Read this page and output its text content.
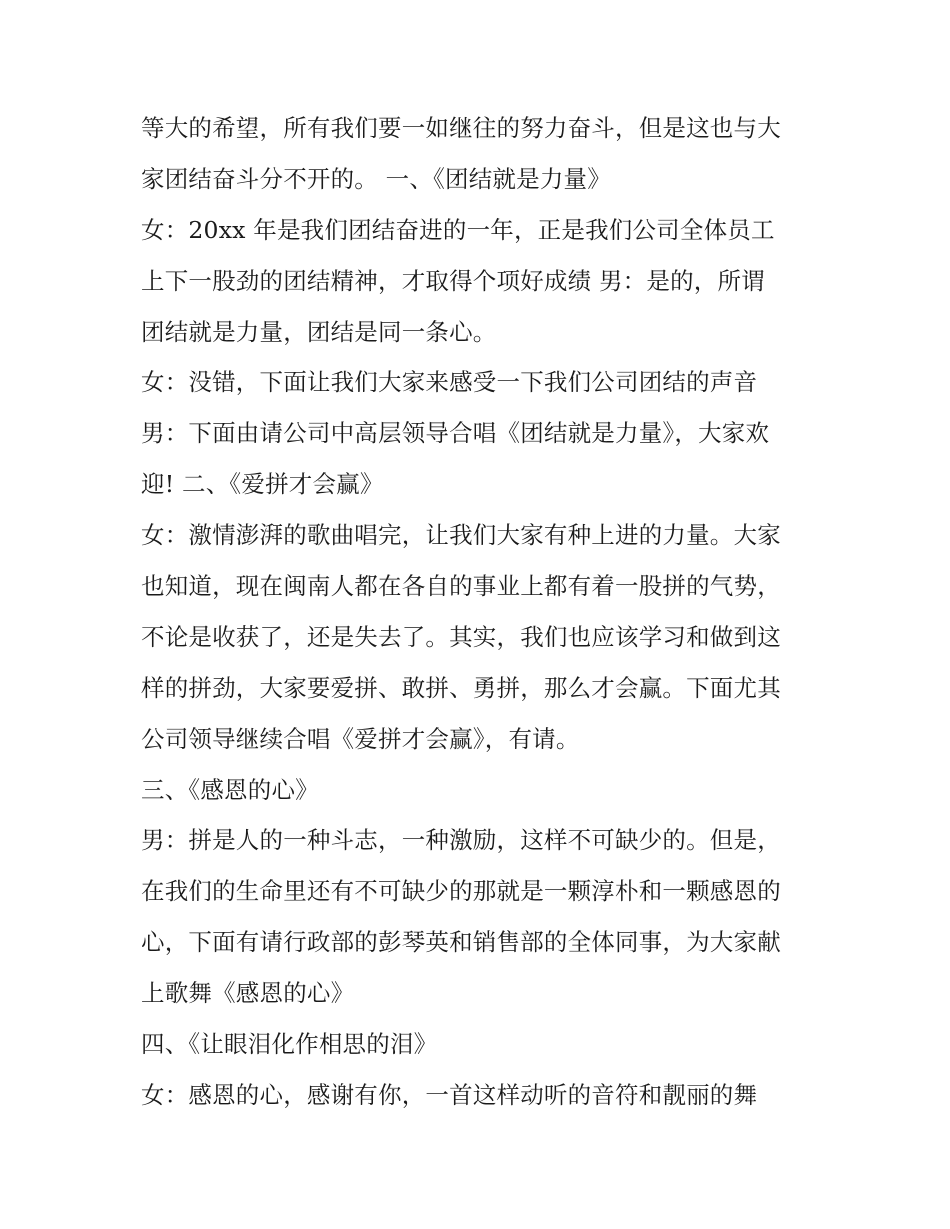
等大的希望，所有我们要一如继往的努力奋斗，但是这也与大
家团结奋斗分不开的。 一、《团结就是力量》
女：20xx 年是我们团结奋进的一年，正是我们公司全体员工
上下一股劲的团结精神，才取得个项好成绩 男：是的，所谓
团结就是力量，团结是同一条心。
女：没错，下面让我们大家来感受一下我们公司团结的声音
男：下面由请公司中高层领导合唱《团结就是力量》，大家欢
迎! 二、《爱拼才会赢》
女：激情澎湃的歌曲唱完，让我们大家有种上进的力量。大家
也知道，现在闽南人都在各自的事业上都有着一股拼的气势，
不论是收获了，还是失去了。其实，我们也应该学习和做到这
样的拼劲，大家要爱拼、敢拼、勇拼，那么才会赢。下面尤其
公司领导继续合唱《爱拼才会赢》，有请。
三、《感恩的心》
男：拼是人的一种斗志，一种激励，这样不可缺少的。但是，
在我们的生命里还有不可缺少的那就是一颗淳朴和一颗感恩的
心，下面有请行政部的彭琴英和销售部的全体同事，为大家献
上歌舞《感恩的心》
四、《让眼泪化作相思的泪》
女：感恩的心，感谢有你，一首这样动听的音符和靓丽的舞
